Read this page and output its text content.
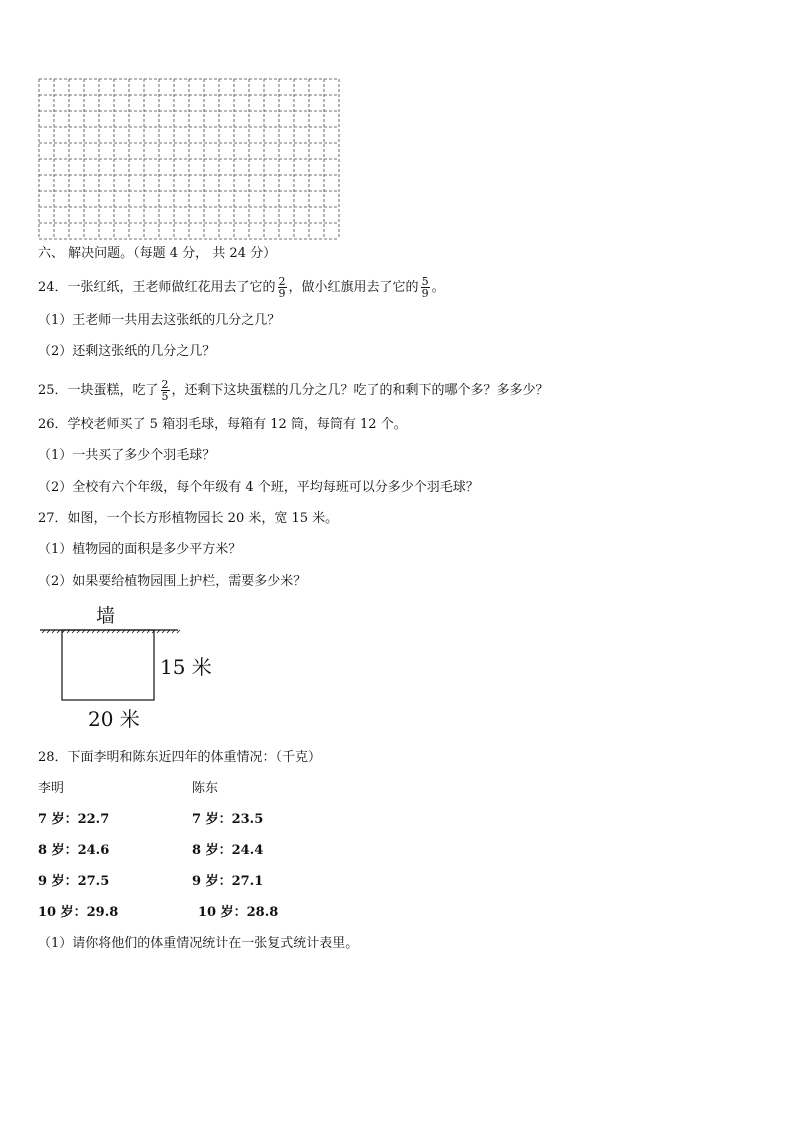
六、 解决问题。（每题 4 分， 共 24 分）
24．一张红纸，王老师做红花用去了它的 $\frac{2}{9}$ ，做小红旗用去了它的 $\frac{5}{9}$ 。
（1）王老师一共用去这张纸的几分之几？
（2）还剩这张纸的几分之几？
25．一块蛋糕，吃了 $\frac{2}{5}$ ，还剩下这块蛋糕的几分之几？吃了的和剩下的哪个多？多多少？
26．学校老师买了 5 箱羽毛球，每箱有 12 筒，每筒有 12 个。
（1）一共买了多少个羽毛球？
（2）全校有六个年级，每个年级有 4 个班，平均每班可以分多少个羽毛球？
27．如图，一个长方形植物园长 20 米，宽 15 米。
（1）植物园的面积是多少平方米？
（2）如果要给植物园围上护栏，需要多少米？
墙
15 米
20 米
28．下面李明和陈东近四年的体重情况：（千克）
李明	陈东
7 岁：22.7	7 岁：23.5
8 岁：24.6	8 岁：24.4
9 岁：27.5	9 岁：27.1
10 岁：29.8	10 岁：28.8
（1）请你将他们的体重情况统计在一张复式统计表里。
